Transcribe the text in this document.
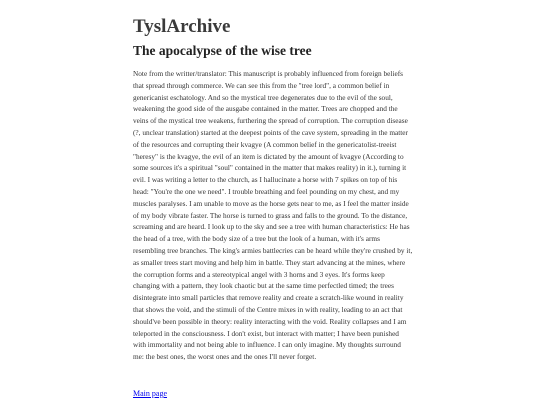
TyslArchive
The apocalypse of the wise tree

Note from the writter/translator: This manuscript is probably influenced from foreign beliefs that spread through commerce. We can see this from the "tree lord", a common belief in genericanist eschatology. And so the mystical tree degenerates due to the evil of the soul, weakening the good side of the ausgabe contained in the matter. Trees are chopped and the veins of the mystical tree weakens, furthering the spread of corruption. The corruption disease (?, unclear translation) started at the deepest points of the cave system, spreading in the matter of the resources and corrupting their kvagye (A common belief in the genericatolist-treeist "heresy" is the kvagye, the evil of an item is dictated by the amount of kvagye (According to some sources it's a spiritual "soul" contained in the matter that makes reality) in it.), turning it evil. I was writing a letter to the church, as I hallucinate a horse with 7 spikes on top of his head: "You're the one we need". I trouble breathing and feel pounding on my chest, and my muscles paralyses. I am unable to move as the horse gets near to me, as I feel the matter inside of my body vibrate faster. The horse is turned to grass and falls to the ground. To the distance, screaming and are heard. I look up to the sky and see a tree with human characteristics: He has the head of a tree, with the body size of a tree but the look of a human, with it's arms resembling tree branches. The king's armies battlecries can be heard while they're crushed by it, as smaller trees start moving and help him in battle. They start advancing at the mines, where the corruption forms and a stereotypical angel with 3 horns and 3 eyes. It's forms keep changing with a pattern, they look chaotic but at the same time perfectled timed; the trees disintegrate into small particles that remove reality and create a scratch-like wound in reality that shows the void, and the stimuli of the Centre mixes in with reality, leading to an act that should've been possible in theory: reality interacting with the void. Reality collapses and I am teleported in the consciousness. I don't exist, but interact with matter; I have been punished with immortality and not being able to influence. I can only imagine. My thoughts surround me: the best ones, the worst ones and the ones I'll never forget.

Main page
